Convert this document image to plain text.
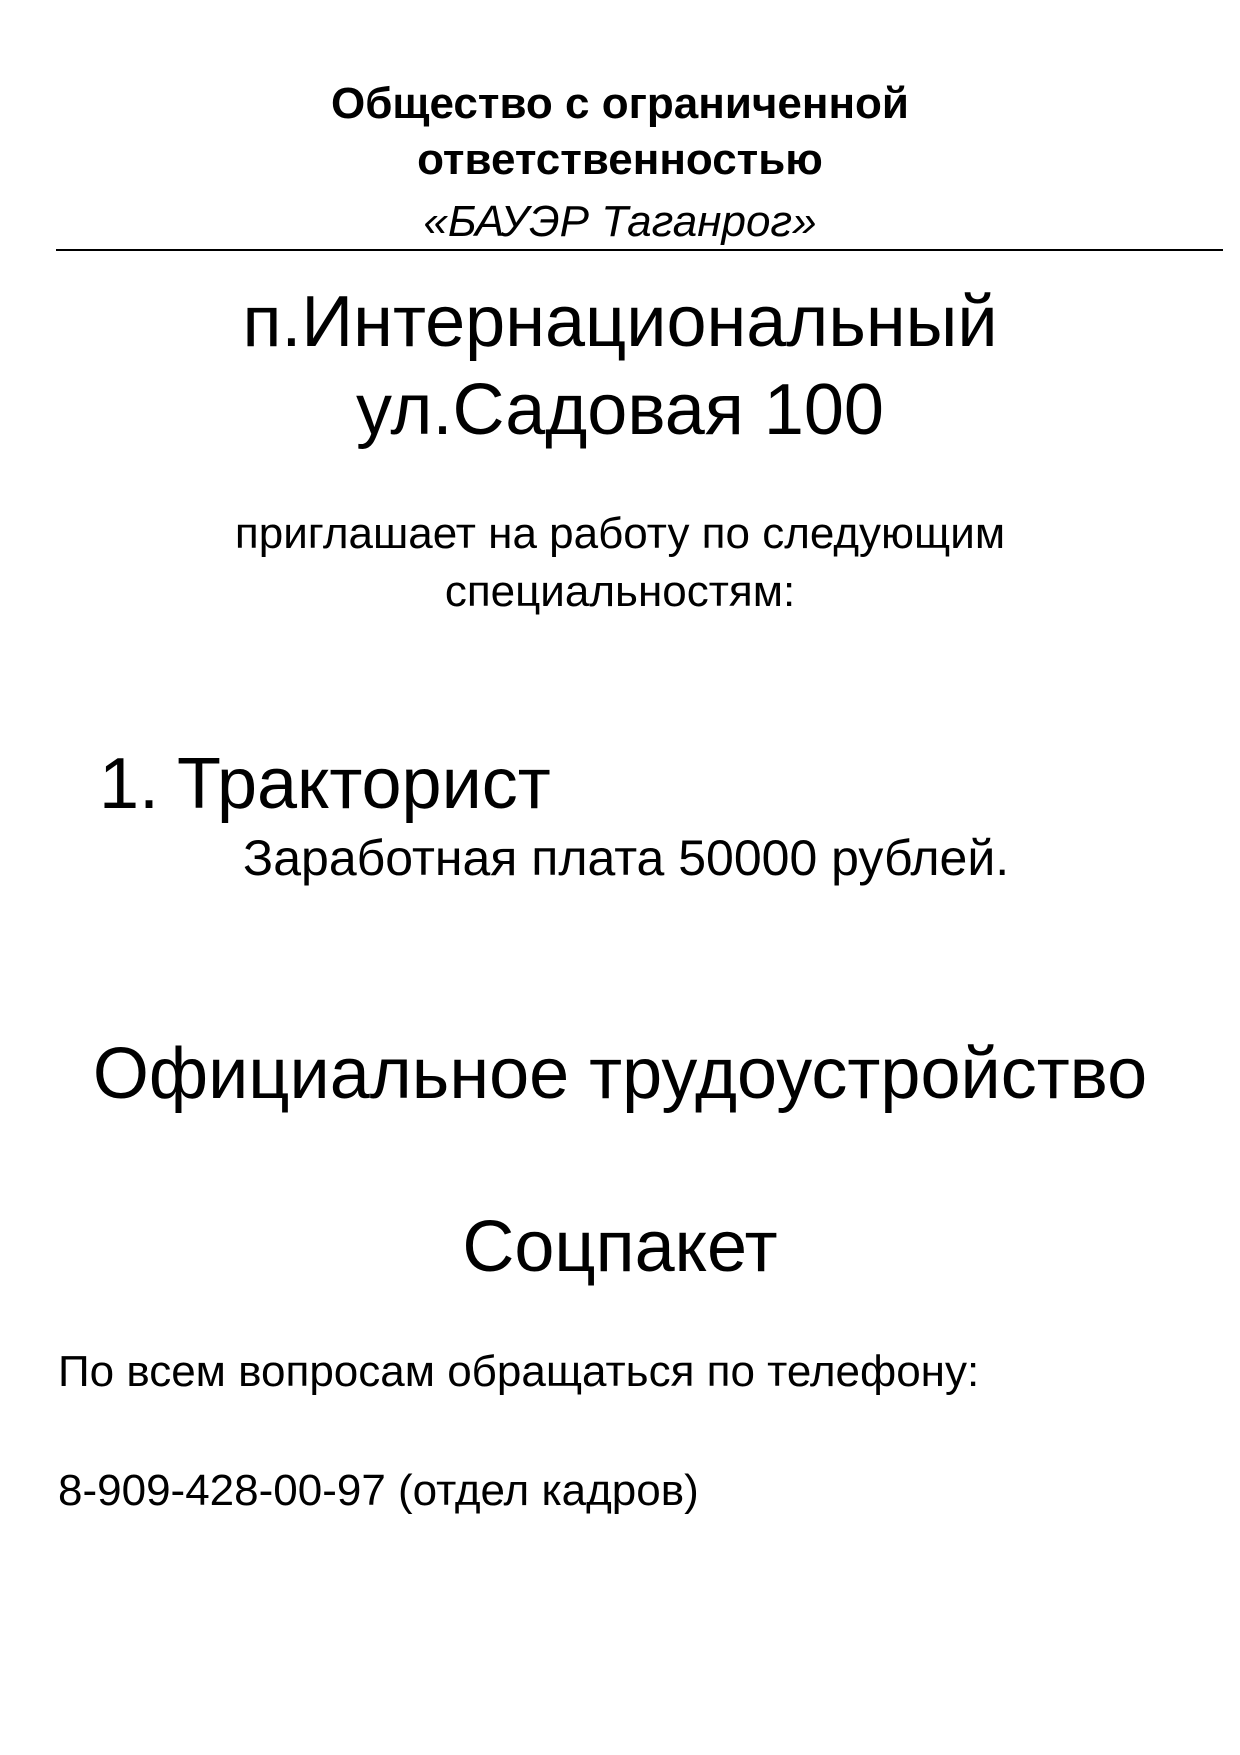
Общество с ограниченной
ответственностью
«БАУЭР Таганрог»
п.Интернациональный
ул.Садовая 100
приглашает на работу по следующим
специальностям:
1. Тракторист
Заработная плата 50000 рублей.
Официальное трудоустройство
Соцпакет
По всем вопросам обращаться по телефону:
8-909-428-00-97 (отдел кадров)
